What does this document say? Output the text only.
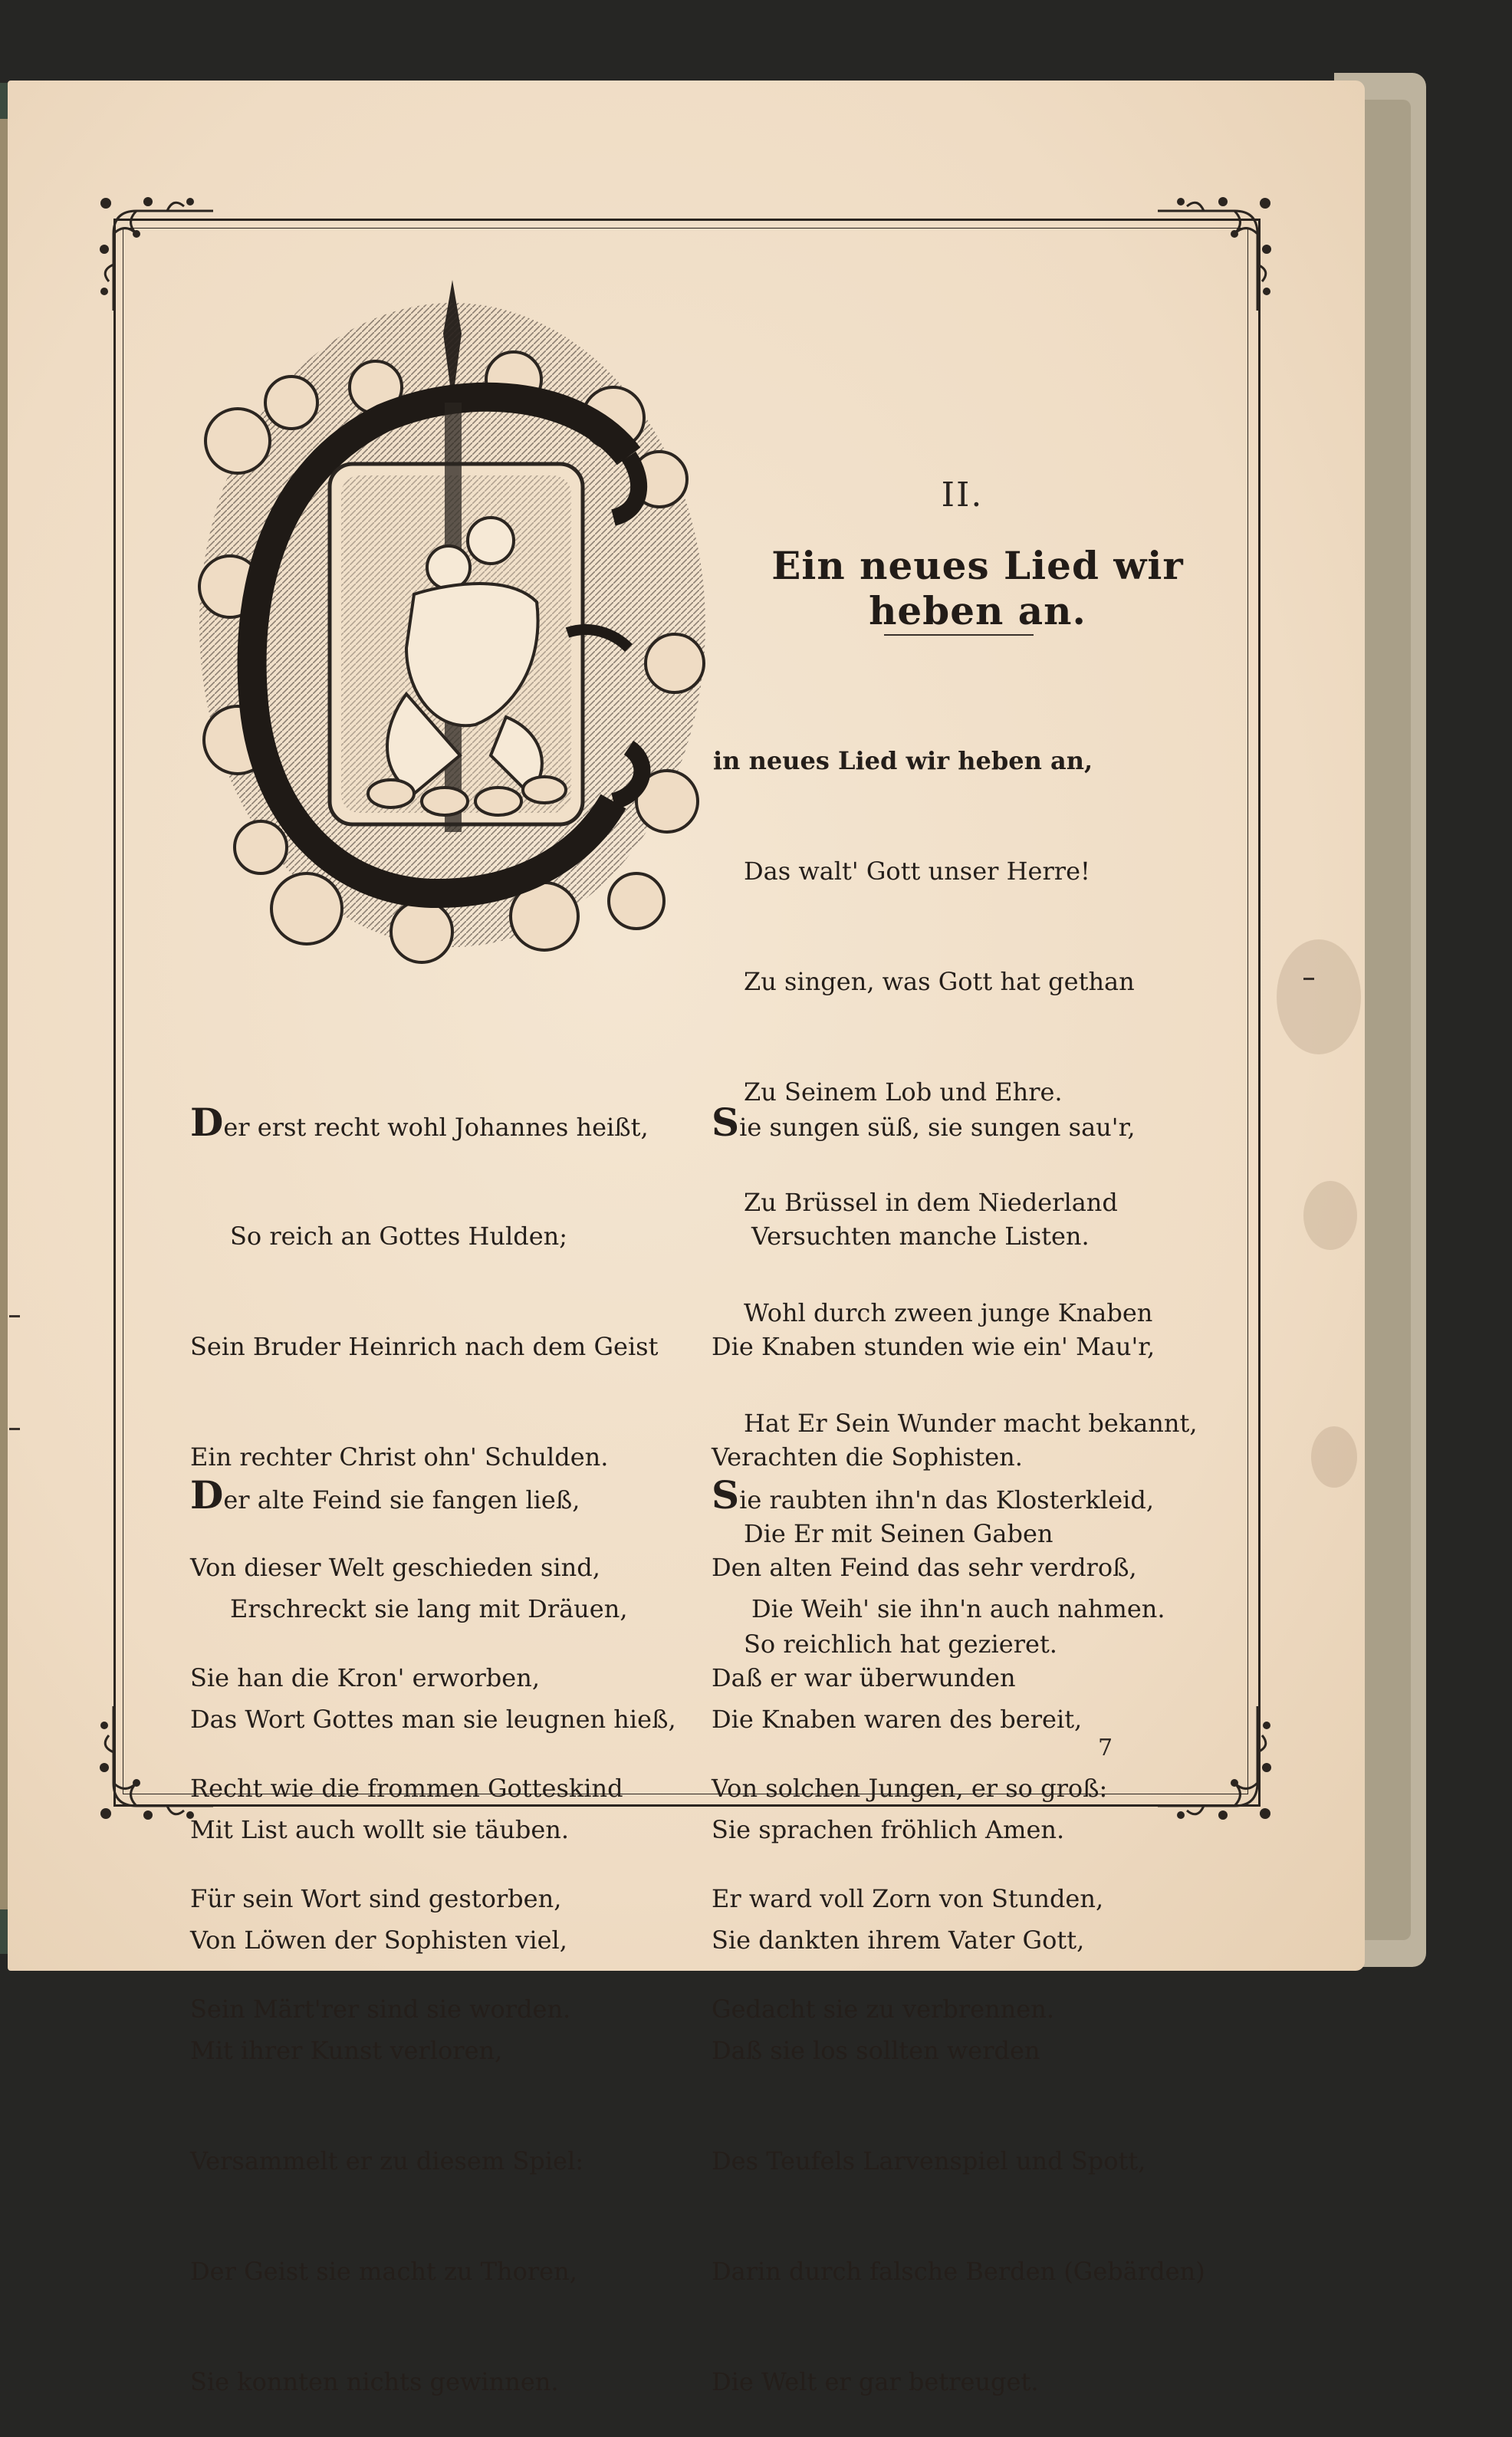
II.
Ein neues Lied wir heben an.

in neues Lied wir heben an,

Das walt' Gott unser Herre!

Zu singen, was Gott hat gethan

Zu Seinem Lob und Ehre.

Zu Brüssel in dem Niederland

Wohl durch zween junge Knaben

Hat Er Sein Wunder macht bekannt,

Die Er mit Seinen Gaben

So reichlich hat gezieret.

Der erst recht wohl Johannes heißt,

So reich an Gottes Hulden;

Sein Bruder Heinrich nach dem Geist

Ein rechter Christ ohn' Schulden.

Von dieser Welt geschieden sind,

Sie han die Kron' erworben,

Recht wie die frommen Gotteskind

Für sein Wort sind gestorben,

Sein Märt'rer sind sie worden.

Sie sungen süß, sie sungen sau'r,

Versuchten manche Listen.

Die Knaben stunden wie ein' Mau'r,

Verachten die Sophisten.

Den alten Feind das sehr verdroß,

Daß er war überwunden

Von solchen Jungen, er so groß:

Er ward voll Zorn von Stunden,

Gedacht sie zu verbrennen.

Der alte Feind sie fangen ließ,

Erschreckt sie lang mit Dräuen,

Das Wort Gottes man sie leugnen hieß,

Mit List auch wollt sie täuben.

Von Löwen der Sophisten viel,

Mit ihrer Kunst verloren,

Versammelt er zu diesem Spiel:

Der Geist sie macht zu Thoren,

Sie konnten nichts gewinnen.

Sie raubten ihn'n das Klosterkleid,

Die Weih' sie ihn'n auch nahmen.

Die Knaben waren des bereit,

Sie sprachen fröhlich Amen.

Sie dankten ihrem Vater Gott,

Daß sie los sollten werden

Des Teufels Larvenspiel und Spott,

Darin durch falsche Berden (Gebärden)

Die Welt er gar betreuget.

7
